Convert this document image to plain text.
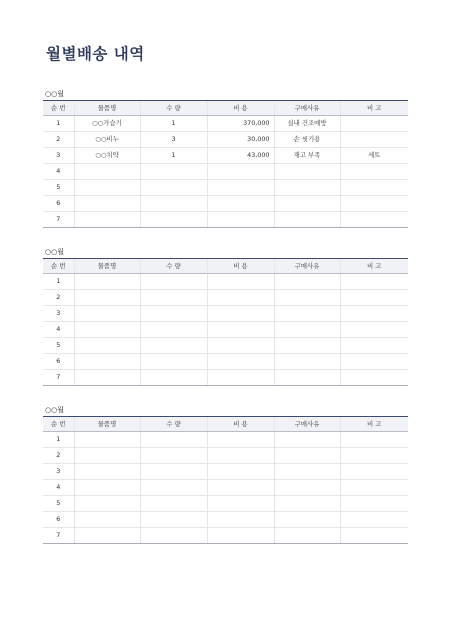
월별배송 내역
○○월
순 번	물품명	수 량	비 용	구매사유	비 고
1	○○가습기	1	370,000	실내 건조예방	
2	○○비누	3	30,000	손 씻기용	
3	○○치약	1	43,000	재고 부족	세트
4					
5					
6					
7					
○○월
순 번	물품명	수 량	비 용	구매사유	비 고
1					
2					
3					
4					
5					
6					
7					
○○월
순 번	물품명	수 량	비 용	구매사유	비 고
1					
2					
3					
4					
5					
6					
7					
